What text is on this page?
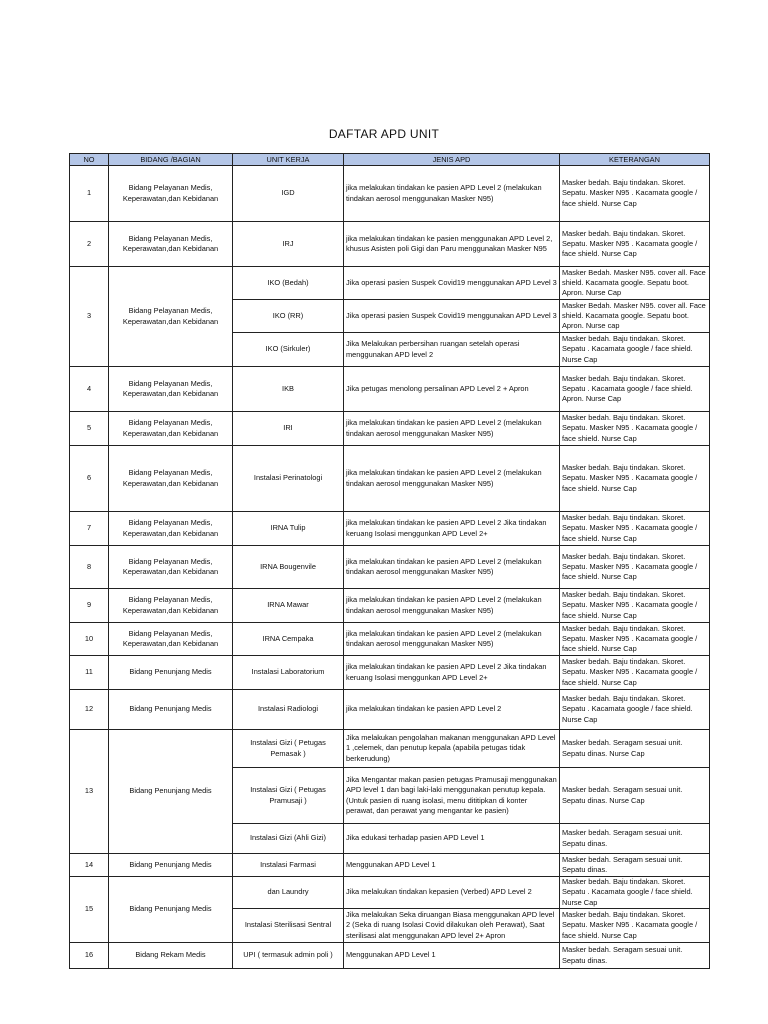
DAFTAR APD UNIT
NO	BIDANG /BAGIAN	UNIT KERJA	JENIS APD	KETERANGAN
1	Bidang Pelayanan Medis, Keperawatan,dan Kebidanan	IGD	jika melakukan tindakan ke pasien APD Level 2 (melakukan tindakan aerosol menggunakan Masker N95)	Masker bedah. Baju tindakan. Skoret. Sepatu. Masker N95 . Kacamata google / face shield. Nurse Cap
2	Bidang Pelayanan Medis, Keperawatan,dan Kebidanan	IRJ	jika melakukan tindakan ke pasien menggunakan APD Level 2, khusus Asisten poli Gigi dan Paru menggunakan Masker N95	Masker bedah. Baju tindakan. Skoret. Sepatu. Masker N95 . Kacamata google / face shield. Nurse Cap
3	Bidang Pelayanan Medis, Keperawatan,dan Kebidanan	IKO (Bedah)	Jika operasi pasien Suspek Covid19 menggunakan APD Level 3	Masker Bedah. Masker N95. cover all. Face shield. Kacamata google. Sepatu boot. Apron. Nurse Cap
		IKO (RR)	Jika operasi pasien Suspek Covid19 menggunakan APD Level 3	Masker Bedah. Masker N95. cover all. Face shield. Kacamata google. Sepatu boot. Apron. Nurse cap
		IKO (Sirkuler)	Jika Melakukan perbersihan ruangan setelah operasi menggunakan APD level 2	Masker bedah. Baju tindakan. Skoret. Sepatu . Kacamata google / face shield. Nurse Cap
4	Bidang Pelayanan Medis, Keperawatan,dan Kebidanan	IKB	Jika petugas menolong persalinan APD Level 2 + Apron	Masker bedah. Baju tindakan. Skoret. Sepatu . Kacamata google / face shield. Apron. Nurse Cap
5	Bidang Pelayanan Medis, Keperawatan,dan Kebidanan	IRI	jika melakukan tindakan ke pasien APD Level 2 (melakukan tindakan aerosol menggunakan Masker N95)	Masker bedah. Baju tindakan. Skoret. Sepatu. Masker N95 . Kacamata google / face shield. Nurse Cap
6	Bidang Pelayanan Medis, Keperawatan,dan Kebidanan	Instalasi Perinatologi	jika melakukan tindakan ke pasien APD Level 2 (melakukan tindakan aerosol menggunakan Masker N95)	Masker bedah. Baju tindakan. Skoret. Sepatu. Masker N95 . Kacamata google / face shield. Nurse Cap
7	Bidang Pelayanan Medis, Keperawatan,dan Kebidanan	IRNA Tulip	jika melakukan tindakan ke pasien APD Level 2 Jika tindakan keruang Isolasi menggunkan APD Level 2+	Masker bedah. Baju tindakan. Skoret. Sepatu. Masker N95 . Kacamata google / face shield. Nurse Cap
8	Bidang Pelayanan Medis, Keperawatan,dan Kebidanan	IRNA Bougenvile	jika melakukan tindakan ke pasien APD Level 2 (melakukan tindakan aerosol menggunakan Masker N95)	Masker bedah. Baju tindakan. Skoret. Sepatu. Masker N95 . Kacamata google / face shield. Nurse Cap
9	Bidang Pelayanan Medis, Keperawatan,dan Kebidanan	IRNA Mawar	jika melakukan tindakan ke pasien APD Level 2 (melakukan tindakan aerosol menggunakan Masker N95)	Masker bedah. Baju tindakan. Skoret. Sepatu. Masker N95 . Kacamata google / face shield. Nurse Cap
10	Bidang Pelayanan Medis, Keperawatan,dan Kebidanan	IRNA Cempaka	jika melakukan tindakan ke pasien APD Level 2 (melakukan tindakan aerosol menggunakan Masker N95)	Masker bedah. Baju tindakan. Skoret. Sepatu. Masker N95 . Kacamata google / face shield. Nurse Cap
11	Bidang Penunjang Medis	Instalasi Laboratorium	jika melakukan tindakan ke pasien APD Level 2 Jika tindakan keruang Isolasi menggunkan APD Level 2+	Masker bedah. Baju tindakan. Skoret. Sepatu. Masker N95 . Kacamata google / face shield. Nurse Cap
12	Bidang Penunjang Medis	Instalasi Radiologi	jika melakukan tindakan ke pasien APD Level 2	Masker bedah. Baju tindakan. Skoret. Sepatu . Kacamata google / face shield. Nurse Cap
13	Bidang Penunjang Medis	Instalasi Gizi ( Petugas Pemasak )	Jika melakukan pengolahan makanan menggunakan APD Level 1 ,celemek, dan penutup kepala (apabila petugas tidak berkerudung)	Masker bedah. Seragam sesuai unit. Sepatu dinas. Nurse Cap
		Instalasi Gizi ( Petugas Pramusaji )	Jika Mengantar makan pasien petugas Pramusaji menggunakan APD level 1 dan bagi laki-laki menggunakan penutup kepala. (Untuk pasien di ruang isolasi, menu dititipkan di konter perawat, dan perawat yang mengantar ke pasien)	Masker bedah. Seragam sesuai unit. Sepatu dinas. Nurse Cap
		Instalasi Gizi (Ahli Gizi)	Jika edukasi terhadap pasien APD Level 1	Masker bedah. Seragam sesuai unit. Sepatu dinas.
14	Bidang Penunjang Medis	Instalasi Farmasi	Menggunakan APD Level 1	Masker bedah. Seragam sesuai unit. Sepatu dinas.
15	Bidang Penunjang Medis	dan Laundry	Jika melakukan tindakan kepasien (Verbed) APD Level 2	Masker bedah. Baju tindakan. Skoret. Sepatu . Kacamata google / face shield. Nurse Cap
		Instalasi Sterilisasi Sentral	Jika melakukan Seka diruangan Biasa menggunakan APD level 2 (Seka di ruang Isolasi Covid dilakukan oleh Perawat), Saat sterilisasi alat menggunakan APD level 2+ Apron	Masker bedah. Baju tindakan. Skoret. Sepatu. Masker N95 . Kacamata google / face shield. Nurse Cap
16	Bidang Rekam Medis	UPI ( termasuk admin poli )	Menggunakan APD Level 1	Masker bedah. Seragam sesuai unit. Sepatu dinas.
